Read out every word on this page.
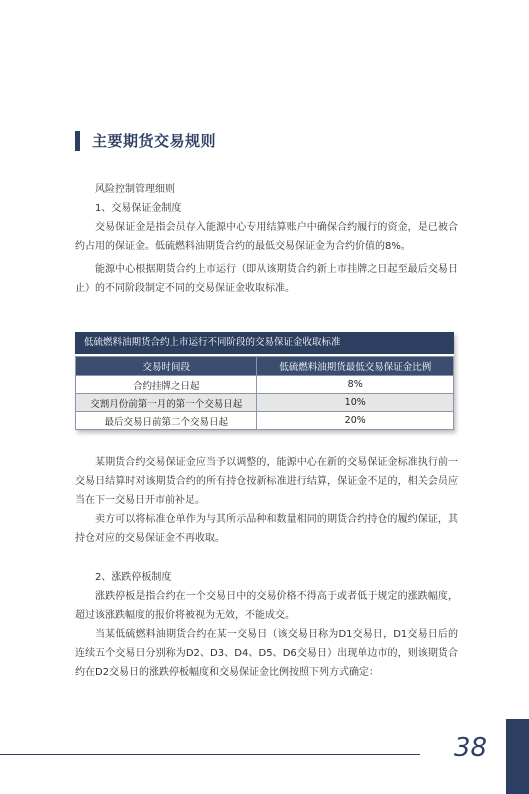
主要期货交易规则

风险控制管理细则

1、交易保证金制度

交易保证金是指会员存入能源中心专用结算账户中确保合约履行的资金，是已被合约占用的保证金。低硫燃料油期货合约的最低交易保证金为合约价值的8%。

能源中心根据期货合约上市运行（即从该期货合约新上市挂牌之日起至最后交易日止）的不同阶段制定不同的交易保证金收取标准。

低硫燃料油期货合约上市运行不同阶段的交易保证金收取标准
交易时间段	低硫燃料油期货最低交易保证金比例
合约挂牌之日起	8%
交割月份前第一月的第一个交易日起	10%
最后交易日前第二个交易日起	20%

某期货合约交易保证金应当予以调整的，能源中心在新的交易保证金标准执行前一交易日结算时对该期货合约的所有持仓按新标准进行结算，保证金不足的，相关会员应当在下一交易日开市前补足。

卖方可以将标准仓单作为与其所示品种和数量相同的期货合约持仓的履约保证，其持仓对应的交易保证金不再收取。

2、涨跌停板制度

涨跌停板是指合约在一个交易日中的交易价格不得高于或者低于规定的涨跌幅度，超过该涨跌幅度的报价将被视为无效，不能成交。

当某低硫燃料油期货合约在某一交易日（该交易日称为D1交易日，D1交易日后的连续五个交易日分别称为D2、D3、D4、D5、D6交易日）出现单边市的，则该期货合约在D2交易日的涨跌停板幅度和交易保证金比例按照下列方式确定：

38
